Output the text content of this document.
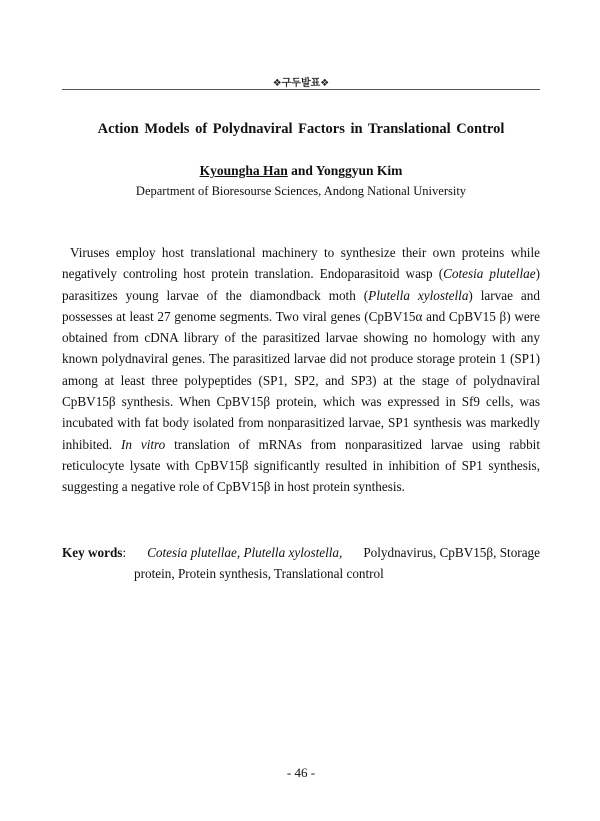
❖구두발표❖
Action Models of Polydnaviral Factors in Translational Control
Kyoungha Han and Yonggyun Kim
Department of Bioresourse Sciences, Andong National University

Viruses employ host translational machinery to synthesize their own proteins while negatively controling host protein translation. Endoparasitoid wasp (Cotesia plutellae) parasitizes young larvae of the diamondback moth (Plutella xylostella) larvae and possesses at least 27 genome segments. Two viral genes (CpBV15α and CpBV15 β) were obtained from cDNA library of the parasitized larvae showing no homology with any known polydnaviral genes. The parasitized larvae did not produce storage protein 1 (SP1) among at least three polypeptides (SP1, SP2, and SP3) at the stage of polydnaviral CpBV15β synthesis. When CpBV15β protein, which was expressed in Sf9 cells, was incubated with fat body isolated from nonparasitized larvae, SP1 synthesis was markedly inhibited. In vitro translation of mRNAs from nonparasitized larvae using rabbit reticulocyte lysate with CpBV15β significantly resulted in inhibition of SP1 synthesis, suggesting a negative role of CpBV15β in host protein synthesis.

Key words: Cotesia plutellae, Plutella xylostella, Polydnavirus, CpBV15β, Storage
protein, Protein synthesis, Translational control
- 46 -
